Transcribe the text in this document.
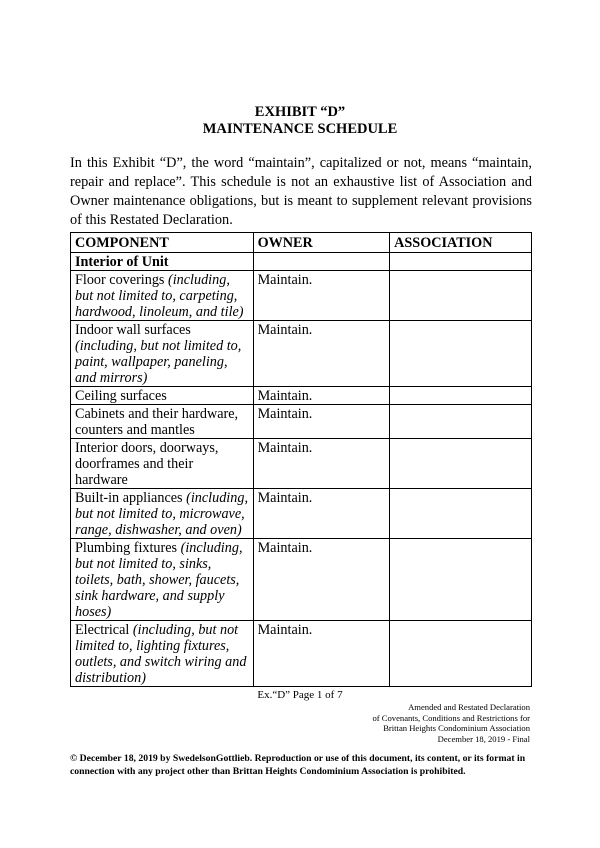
EXHIBIT “D”
MAINTENANCE SCHEDULE
In this Exhibit “D”, the word “maintain”, capitalized or not, means “maintain, repair and replace”. This schedule is not an exhaustive list of Association and Owner maintenance obligations, but is meant to supplement relevant provisions of this Restated Declaration.
COMPONENT	OWNER	ASSOCIATION
Interior of Unit		
Floor coverings (including, but not limited to, carpeting, hardwood, linoleum, and tile)	Maintain.	
Indoor wall surfaces (including, but not limited to, paint, wallpaper, paneling, and mirrors)	Maintain.	
Ceiling surfaces	Maintain.	
Cabinets and their hardware, counters and mantles	Maintain.	
Interior doors, doorways, doorframes and their hardware	Maintain.	
Built-in appliances (including, but not limited to, microwave, range, dishwasher, and oven)	Maintain.	
Plumbing fixtures (including, but not limited to, sinks, toilets, bath, shower, faucets, sink hardware, and supply hoses)	Maintain.	
Electrical (including, but not limited to, lighting fixtures, outlets, and switch wiring and distribution)	Maintain.	
Ex.“D” Page 1 of 7
Amended and Restated Declaration
of Covenants, Conditions and Restrictions for
Brittan Heights Condominium Association
December 18, 2019 - Final
© December 18, 2019 by SwedelsonGottlieb. Reproduction or use of this document, its content, or its format in connection with any project other than Brittan Heights Condominium Association is prohibited.
